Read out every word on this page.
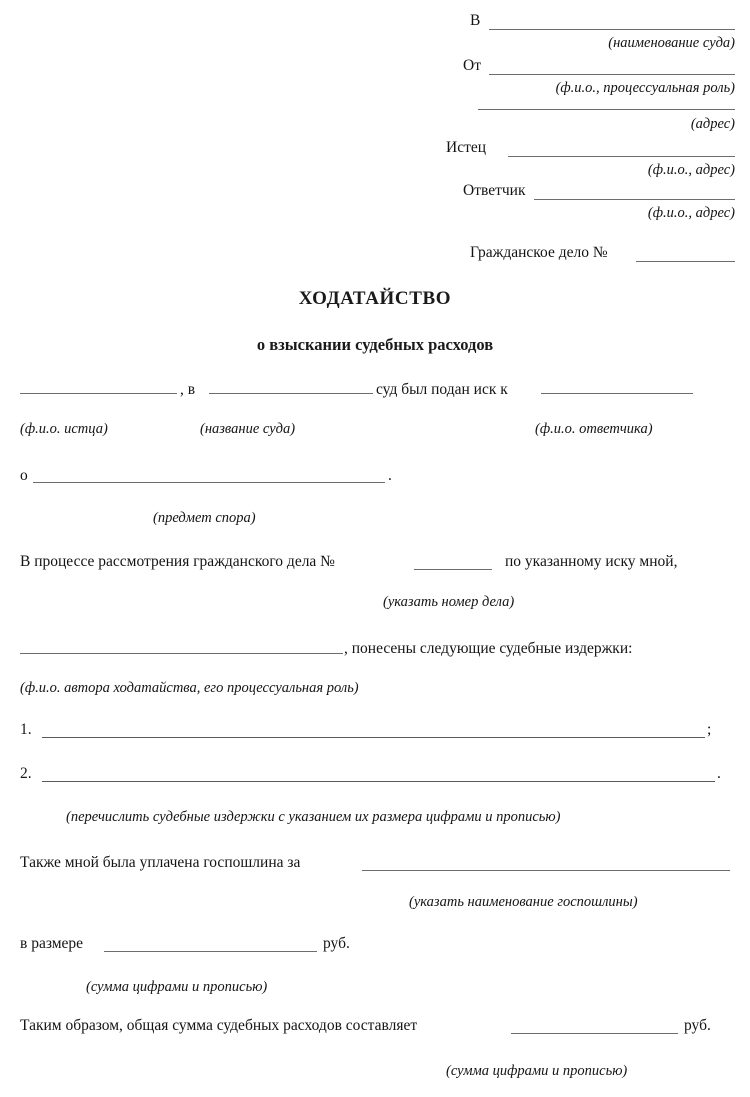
В
(наименование суда)
От
(ф.и.о., процессуальная роль)
(адрес)
Истец
(ф.и.о., адрес)
Ответчик
(ф.и.о., адрес)
Гражданское дело №
ХОДАТАЙСТВО
о взыскании судебных расходов
, в	суд был подан иск к
(ф.и.о. истца)	(название суда)	(ф.и.о. ответчика)
о	.
(предмет спора)
В процессе рассмотрения гражданского дела №	по указанному иску мной,
(указать номер дела)
, понесены следующие судебные издержки:
(ф.и.о. автора ходатайства, его процессуальная роль)
1.	;
2.	.
(перечислить судебные издержки с указанием их размера цифрами и прописью)
Также мной была уплачена госпошлина за
(указать наименование госпошлины)
в размере	руб.
(сумма цифрами и прописью)
Таким образом, общая сумма судебных расходов составляет	руб.
(сумма цифрами и прописью)
